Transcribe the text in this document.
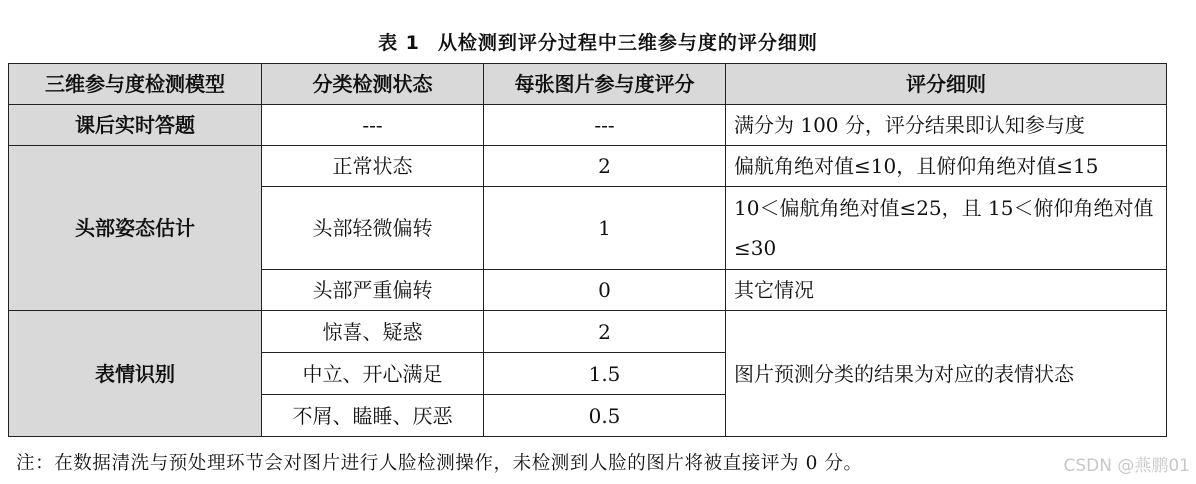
表 1 从检测到评分过程中三维参与度的评分细则
三维参与度检测模型	分类检测状态	每张图片参与度评分	评分细则
课后实时答题	---	---	满分为 100 分，评分结果即认知参与度
头部姿态估计	正常状态	2	偏航角绝对值≤10，且俯仰角绝对值≤15
	头部轻微偏转	1	10＜偏航角绝对值≤25，且 15＜俯仰角绝对值≤30
	头部严重偏转	0	其它情况
表情识别	惊喜、疑惑	2	图片预测分类的结果为对应的表情状态
	中立、开心满足	1.5	
	不屑、瞌睡、厌恶	0.5	
注：在数据清洗与预处理环节会对图片进行人脸检测操作，未检测到人脸的图片将被直接评为 0 分。	CSDN @燕鹏01
